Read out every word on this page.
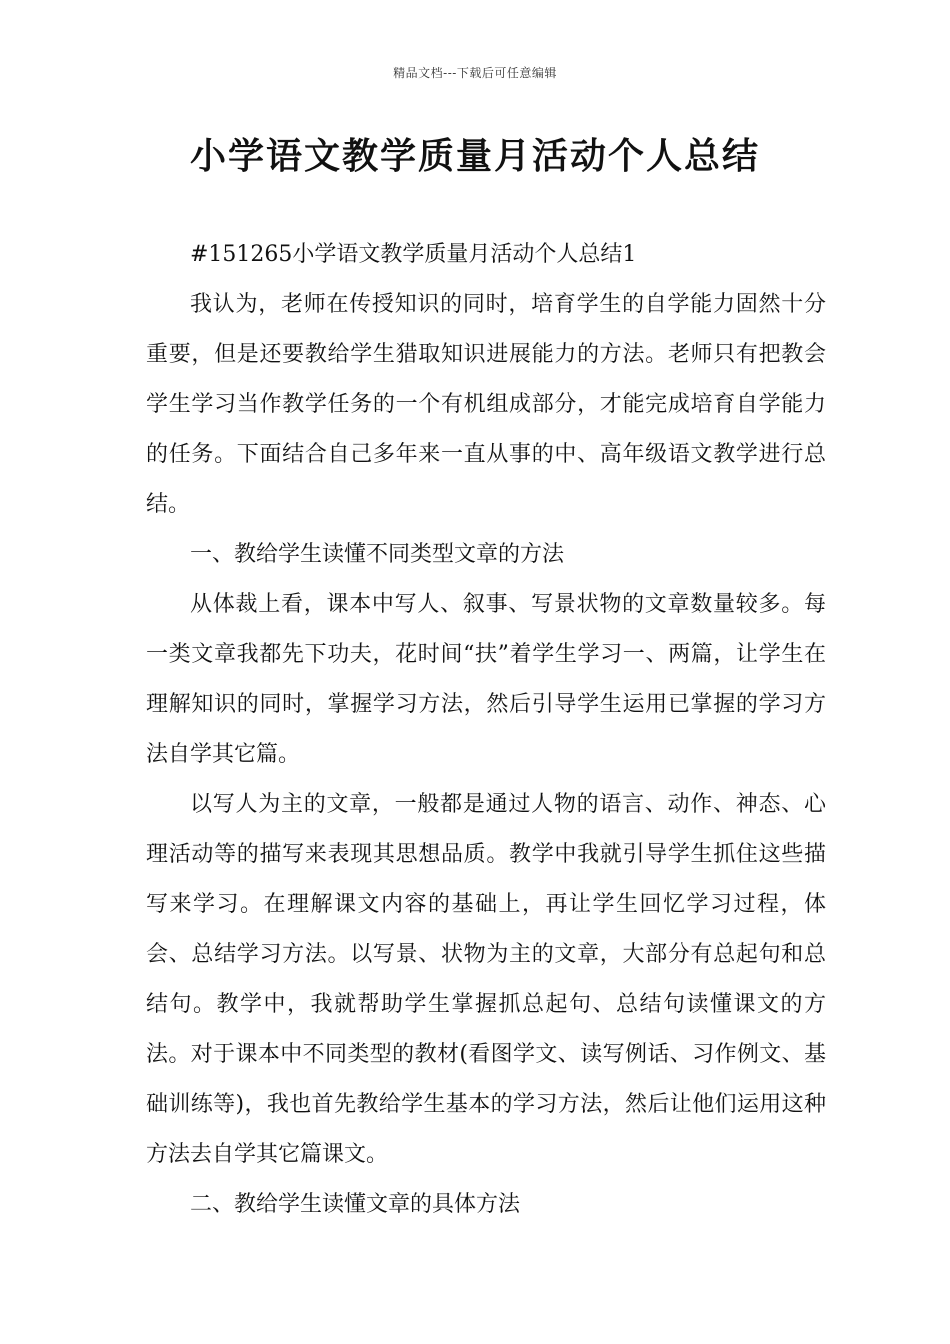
精品文档---下载后可任意编辑
小学语文教学质量月活动个人总结

#151265小学语文教学质量月活动个人总结1

我认为，老师在传授知识的同时，培育学生的自学能力固然十分重要，但是还要教给学生猎取知识进展能力的方法。老师只有把教会学生学习当作教学任务的一个有机组成部分，才能完成培育自学能力的任务。下面结合自己多年来一直从事的中、高年级语文教学进行总结。

一、教给学生读懂不同类型文章的方法

从体裁上看，课本中写人、叙事、写景状物的文章数量较多。每一类文章我都先下功夫，花时间“扶”着学生学习一、两篇，让学生在理解知识的同时，掌握学习方法，然后引导学生运用已掌握的学习方法自学其它篇。

以写人为主的文章，一般都是通过人物的语言、动作、神态、心理活动等的描写来表现其思想品质。教学中我就引导学生抓住这些描写来学习。在理解课文内容的基础上，再让学生回忆学习过程，体会、总结学习方法。以写景、状物为主的文章，大部分有总起句和总结句。教学中，我就帮助学生掌握抓总起句、总结句读懂课文的方法。对于课本中不同类型的教材(看图学文、读写例话、习作例文、基础训练等)，我也首先教给学生基本的学习方法，然后让他们运用这种方法去自学其它篇课文。

二、教给学生读懂文章的具体方法
